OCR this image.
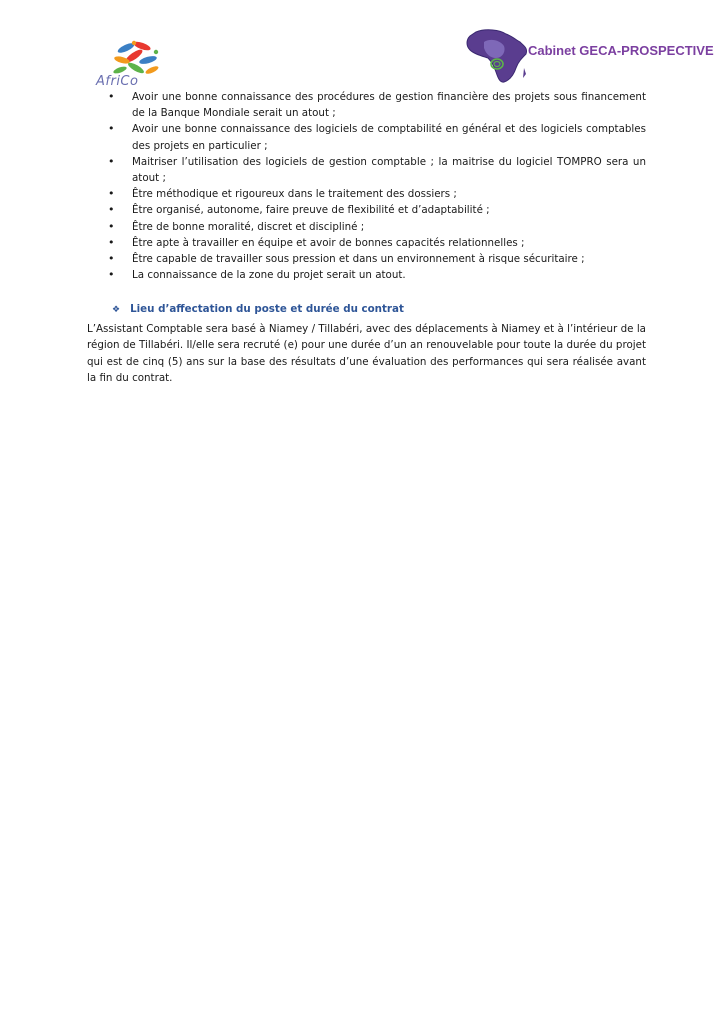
AfriCo
Cabinet GECA-PROSPECTIVE
• Avoir une bonne connaissance des procédures de gestion financière des projets sous financement de la Banque Mondiale serait un atout ;
• Avoir une bonne connaissance des logiciels de comptabilité en général et des logiciels comptables des projets en particulier ;
• Maitriser l’utilisation des logiciels de gestion comptable ; la maitrise du logiciel TOMPRO sera un atout ;
• Être méthodique et rigoureux dans le traitement des dossiers ;
• Être organisé, autonome, faire preuve de flexibilité et d’adaptabilité ;
• Être de bonne moralité, discret et discipliné ;
• Être apte à travailler en équipe et avoir de bonnes capacités relationnelles ;
• Être capable de travailler sous pression et dans un environnement à risque sécuritaire ;
• La connaissance de la zone du projet serait un atout.
❖ Lieu d’affectation du poste et durée du contrat

L’Assistant Comptable sera basé à Niamey / Tillabéri, avec des déplacements à Niamey et à l’intérieur de la région de Tillabéri. Il/elle sera recruté (e) pour une durée d’un an renouvelable pour toute la durée du projet qui est de cinq (5) ans sur la base des résultats d’une évaluation des performances qui sera réalisée avant la fin du contrat.
